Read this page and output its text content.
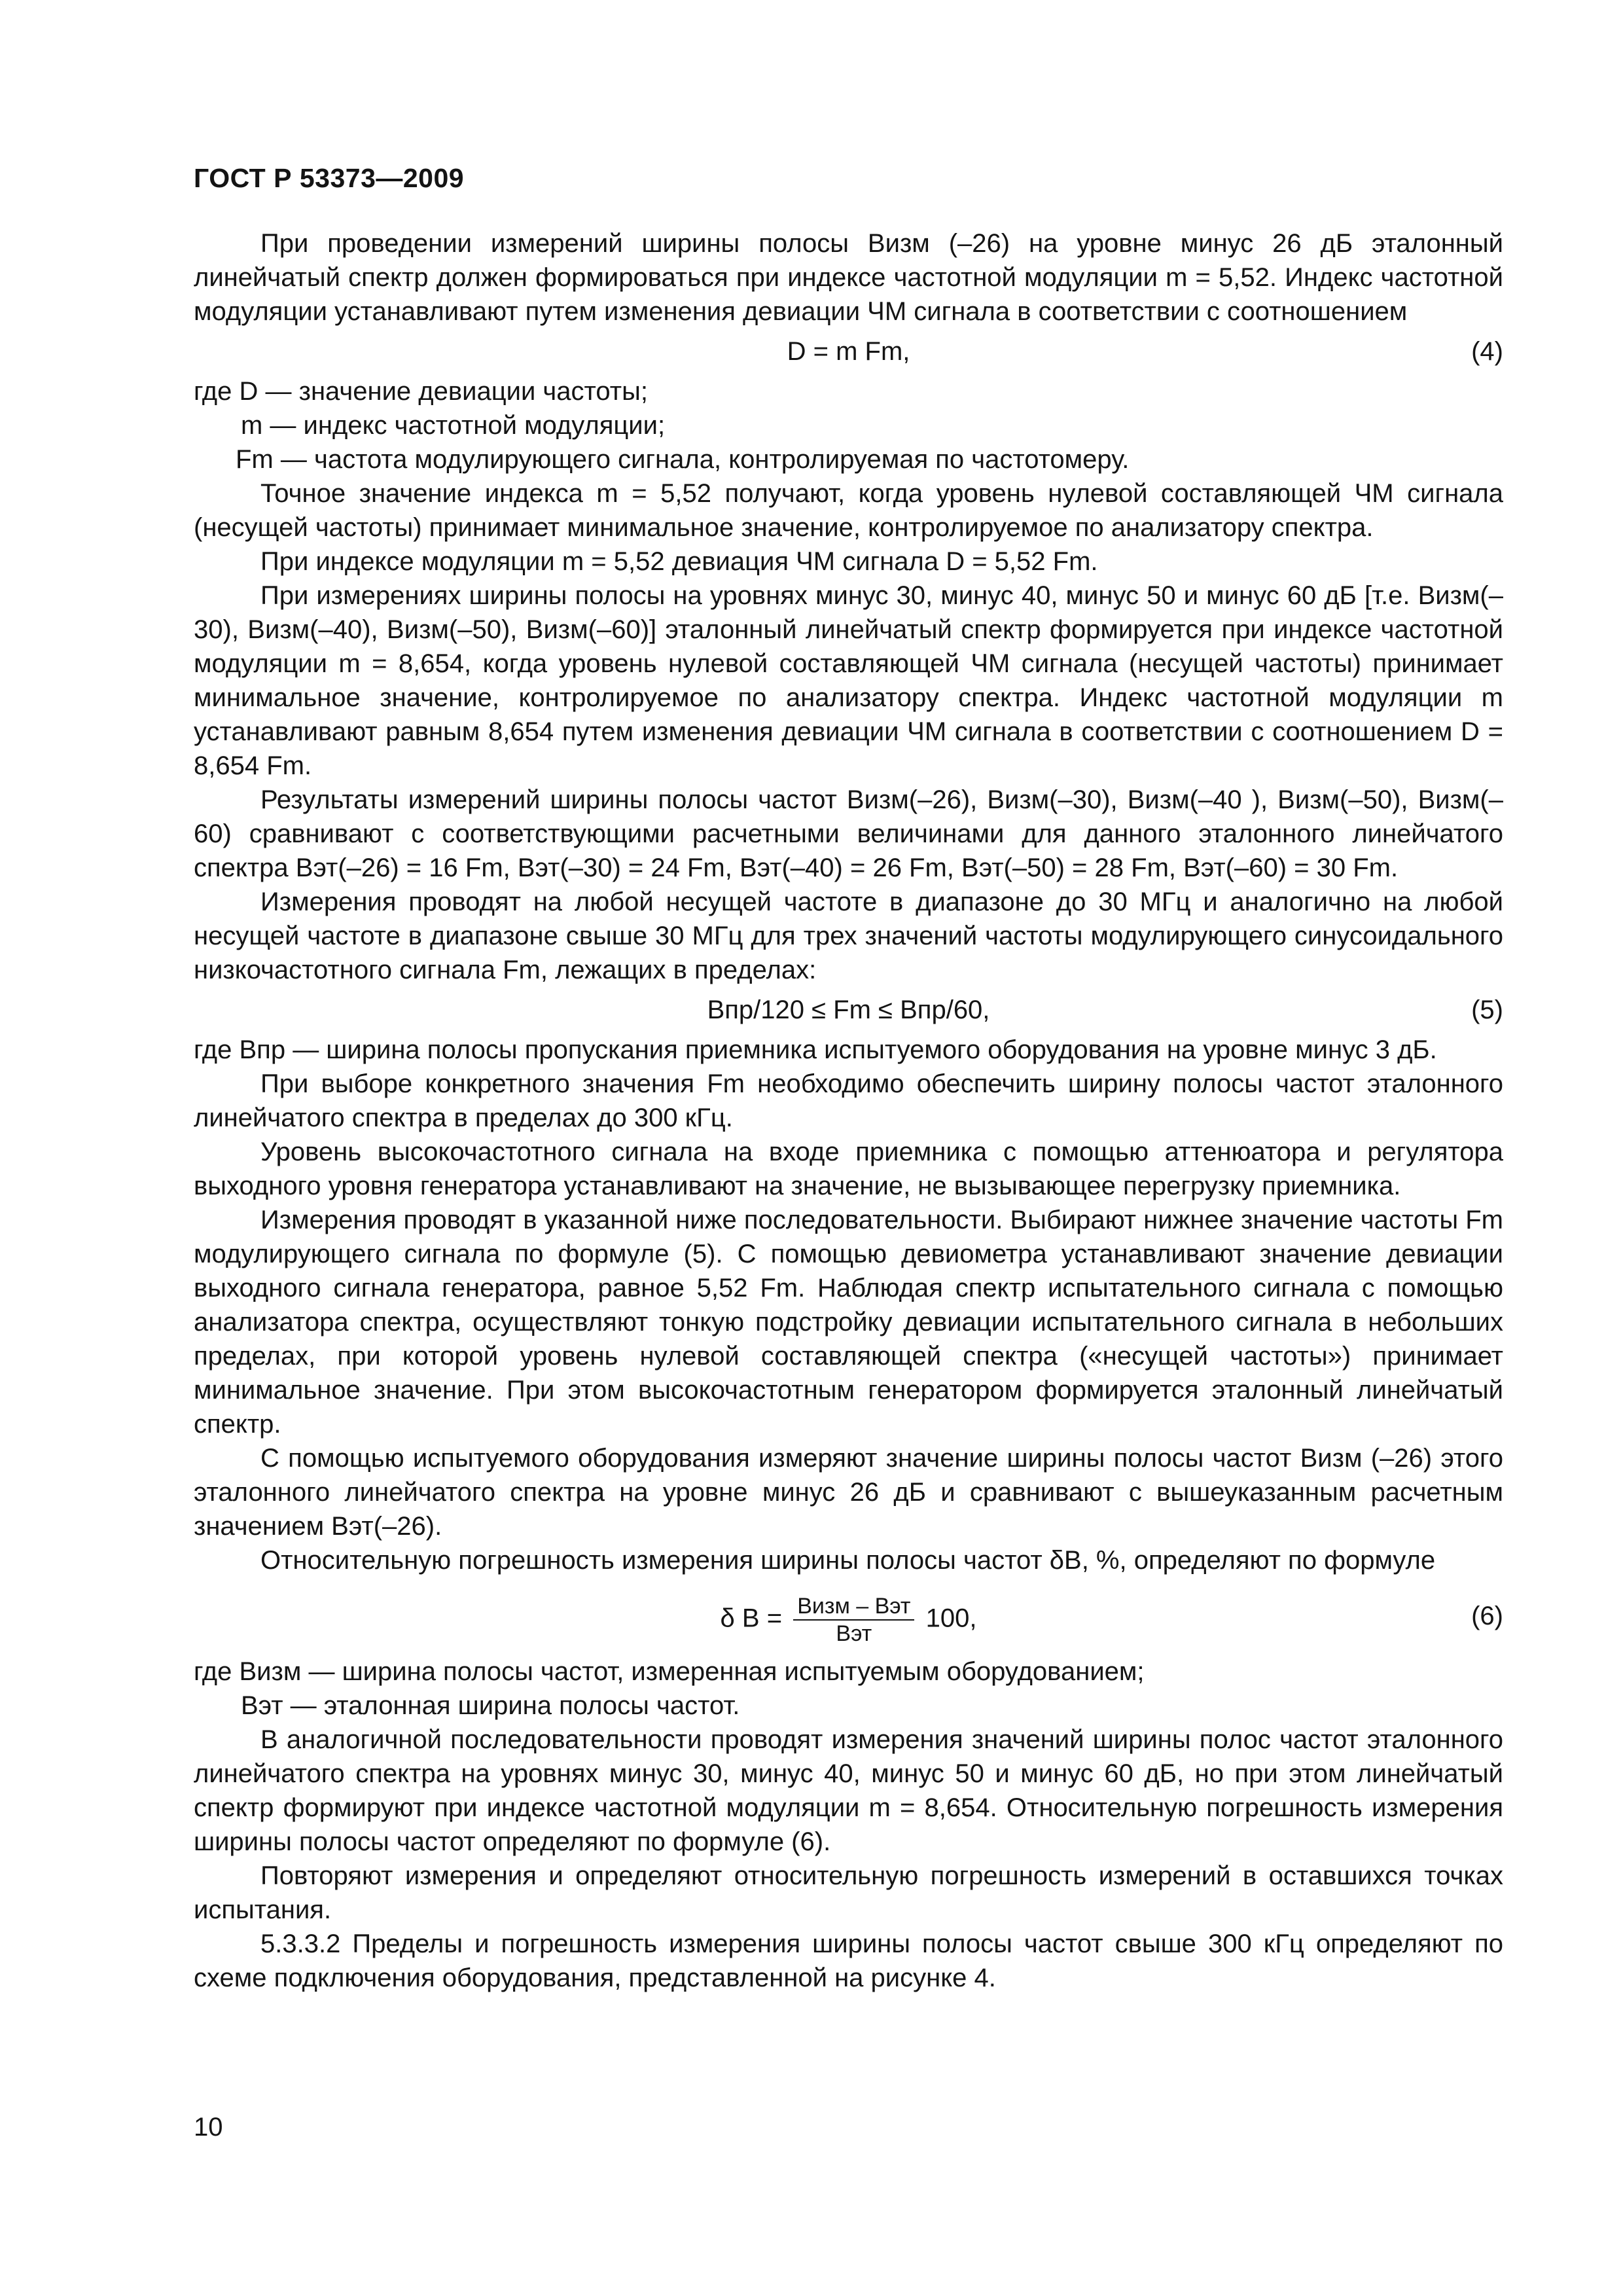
ГОСТ Р 53373—2009

При проведении измерений ширины полосы Bизм (–26) на уровне минус 26 дБ эталонный линейчатый спектр должен формироваться при индексе частотной модуляции m = 5,52. Индекс частотной модуляции устанавливают путем изменения девиации ЧМ сигнала в соответствии с соотношением

D = m Fm,	(4)

где D — значение девиации частоты;

m — индекс частотной модуляции;

Fm — частота модулирующего сигнала, контролируемая по частотомеру.

Точное значение индекса m = 5,52 получают, когда уровень нулевой составляющей ЧМ сигнала (несущей частоты) принимает минимальное значение, контролируемое по анализатору спектра.

При индексе модуляции m = 5,52 девиация ЧМ сигнала D = 5,52 Fm.

При измерениях ширины полосы на уровнях минус 30, минус 40, минус 50 и минус 60 дБ [т.е. Bизм(–30), Bизм(–40), Bизм(–50), Bизм(–60)] эталонный линейчатый спектр формируется при индексе частотной модуляции m = 8,654, когда уровень нулевой составляющей ЧМ сигнала (несущей частоты) принимает минимальное значение, контролируемое по анализатору спектра. Индекс частотной модуляции m устанавливают равным 8,654 путем изменения девиации ЧМ сигнала в соответствии с соотношением D = 8,654 Fm.

Результаты измерений ширины полосы частот Bизм(–26), Bизм(–30), Bизм(–40 ), Bизм(–50), Bизм(–60) сравнивают с соответствующими расчетными величинами для данного эталонного линейчатого спектра Bэт(–26) = 16 Fm, Bэт(–30) = 24 Fm, Bэт(–40) = 26 Fm, Bэт(–50) = 28 Fm, Bэт(–60) = 30 Fm.

Измерения проводят на любой несущей частоте в диапазоне до 30 МГц и аналогично на любой несущей частоте в диапазоне свыше 30 МГц для трех значений частоты модулирующего синусоидального низкочастотного сигнала Fm, лежащих в пределах:

Bпр/120 ≤ Fm ≤ Bпр/60,	(5)

где Bпр — ширина полосы пропускания приемника испытуемого оборудования на уровне минус 3 дБ.

При выборе конкретного значения Fm необходимо обеспечить ширину полосы частот эталонного линейчатого спектра в пределах до 300 кГц.

Уровень высокочастотного сигнала на входе приемника с помощью аттенюатора и регулятора выходного уровня генератора устанавливают на значение, не вызывающее перегрузку приемника.

Измерения проводят в указанной ниже последовательности. Выбирают нижнее значение частоты Fm модулирующего сигнала по формуле (5). С помощью девиометра устанавливают значение девиации выходного сигнала генератора, равное 5,52 Fm. Наблюдая спектр испытательного сигнала с помощью анализатора спектра, осуществляют тонкую подстройку девиации испытательного сигнала в небольших пределах, при которой уровень нулевой составляющей спектра («несущей частоты») принимает минимальное значение. При этом высокочастотным генератором формируется эталонный линейчатый спектр.

С помощью испытуемого оборудования измеряют значение ширины полосы частот Bизм (–26) этого эталонного линейчатого спектра на уровне минус 26 дБ и сравнивают с вышеуказанным расчетным значением Bэт(–26).

Относительную погрешность измерения ширины полосы частот δB, %, определяют по формуле

δ $B = \frac{\text{Bизм – Bэт}}{\text{Bэт}} 100$,	(6)

где Bизм — ширина полосы частот, измеренная испытуемым оборудованием;

Bэт — эталонная ширина полосы частот.

В аналогичной последовательности проводят измерения значений ширины полос частот эталонного линейчатого спектра на уровнях минус 30, минус 40, минус 50 и минус 60 дБ, но при этом линейчатый спектр формируют при индексе частотной модуляции m = 8,654. Относительную погрешность измерения ширины полосы частот определяют по формуле (6).

Повторяют измерения и определяют относительную погрешность измерений в оставшихся точках испытания.

5.3.3.2 Пределы и погрешность измерения ширины полосы частот свыше 300 кГц определяют по схеме подключения оборудования, представленной на рисунке 4.

10
